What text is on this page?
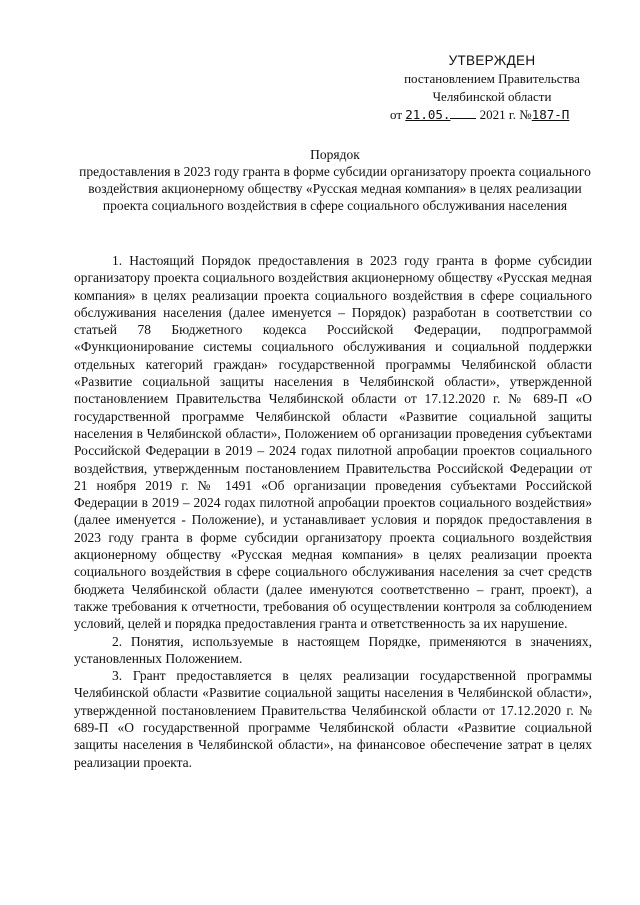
УТВЕРЖДЕН
постановлением Правительства
Челябинской области
от 21.05. 2021 г. №187-П
Порядок
предоставления в 2023 году гранта в форме субсидии организатору проекта социального воздействия акционерному обществу «Русская медная компания» в целях реализации проекта социального воздействия в сфере социального обслуживания населения

1. Настоящий Порядок предоставления в 2023 году гранта в форме субсидии организатору проекта социального воздействия акционерному обществу «Русская медная компания» в целях реализации проекта социального воздействия в сфере социального обслуживания населения (далее именуется – Порядок) разработан в соответствии со статьей 78 Бюджетного кодекса Российской Федерации, подпрограммой «Функционирование системы социального обслуживания и социальной поддержки отдельных категорий граждан» государственной программы Челябинской области «Развитие социальной защиты населения в Челябинской области», утвержденной постановлением Правительства Челябинской области от 17.12.2020 г. № 689-П «О государственной программе Челябинской области «Развитие социальной защиты населения в Челябинской области», Положением об организации проведения субъектами Российской Федерации в 2019 – 2024 годах пилотной апробации проектов социального воздействия, утвержденным постановлением Правительства Российской Федерации от 21 ноября 2019 г. № 1491 «Об организации проведения субъектами Российской Федерации в 2019 – 2024 годах пилотной апробации проектов социального воздействия» (далее именуется - Положение), и устанавливает условия и порядок предоставления в 2023 году гранта в форме субсидии организатору проекта социального воздействия акционерному обществу «Русская медная компания» в целях реализации проекта социального воздействия в сфере социального обслуживания населения за счет средств бюджета Челябинской области (далее именуются соответственно – грант, проект), а также требования к отчетности, требования об осуществлении контроля за соблюдением условий, целей и порядка предоставления гранта и ответственность за их нарушение.

2. Понятия, используемые в настоящем Порядке, применяются в значениях, установленных Положением.

3. Грант предоставляется в целях реализации государственной программы Челябинской области «Развитие социальной защиты населения в Челябинской области», утвержденной постановлением Правительства Челябинской области от 17.12.2020 г. № 689-П «О государственной программе Челябинской области «Развитие социальной защиты населения в Челябинской области», на финансовое обеспечение затрат в целях реализации проекта.
